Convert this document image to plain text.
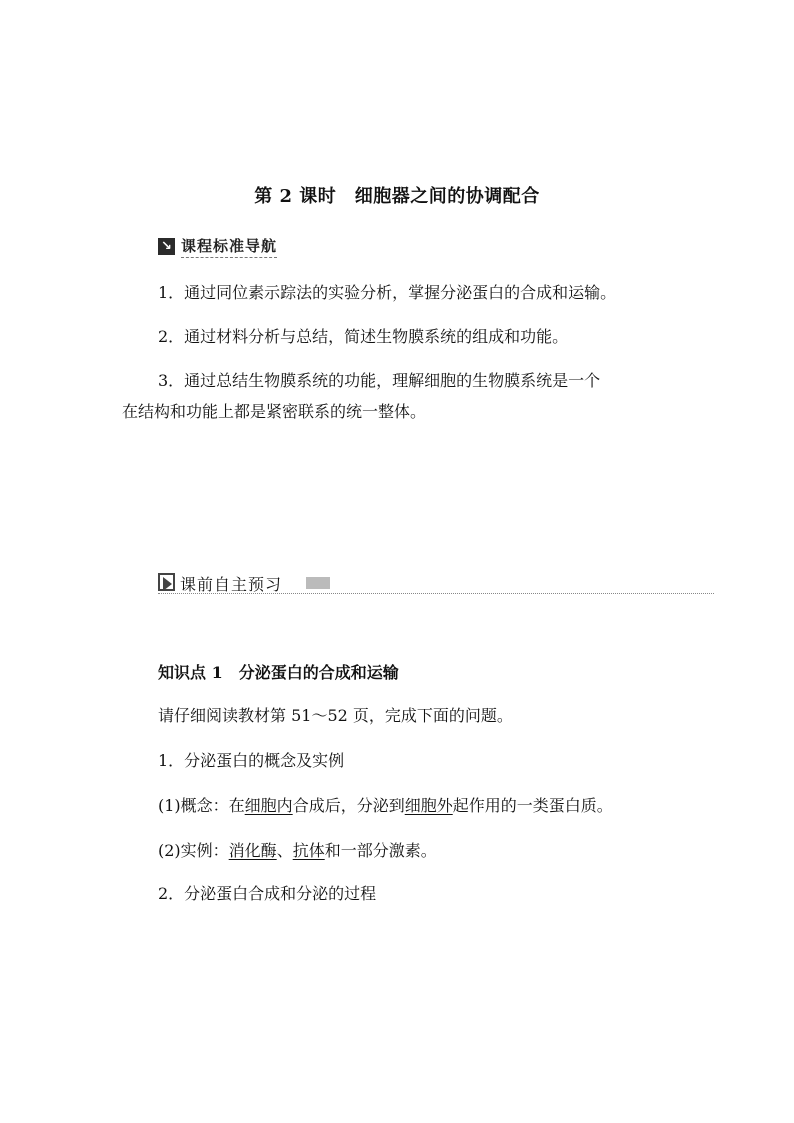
第 2 课时　细胞器之间的协调配合
↘ 课程标准导航
1．通过同位素示踪法的实验分析，掌握分泌蛋白的合成和运输。
2．通过材料分析与总结，简述生物膜系统的组成和功能。
3．通过总结生物膜系统的功能，理解细胞的生物膜系统是一个
在结构和功能上都是紧密联系的统一整体。
课前自主预习
知识点 1　分泌蛋白的合成和运输
请仔细阅读教材第 51～52 页，完成下面的问题。
1．分泌蛋白的概念及实例
(1)概念：在细胞内合成后，分泌到细胞外起作用的一类蛋白质。
(2)实例：消化酶、抗体和一部分激素。
2．分泌蛋白合成和分泌的过程
